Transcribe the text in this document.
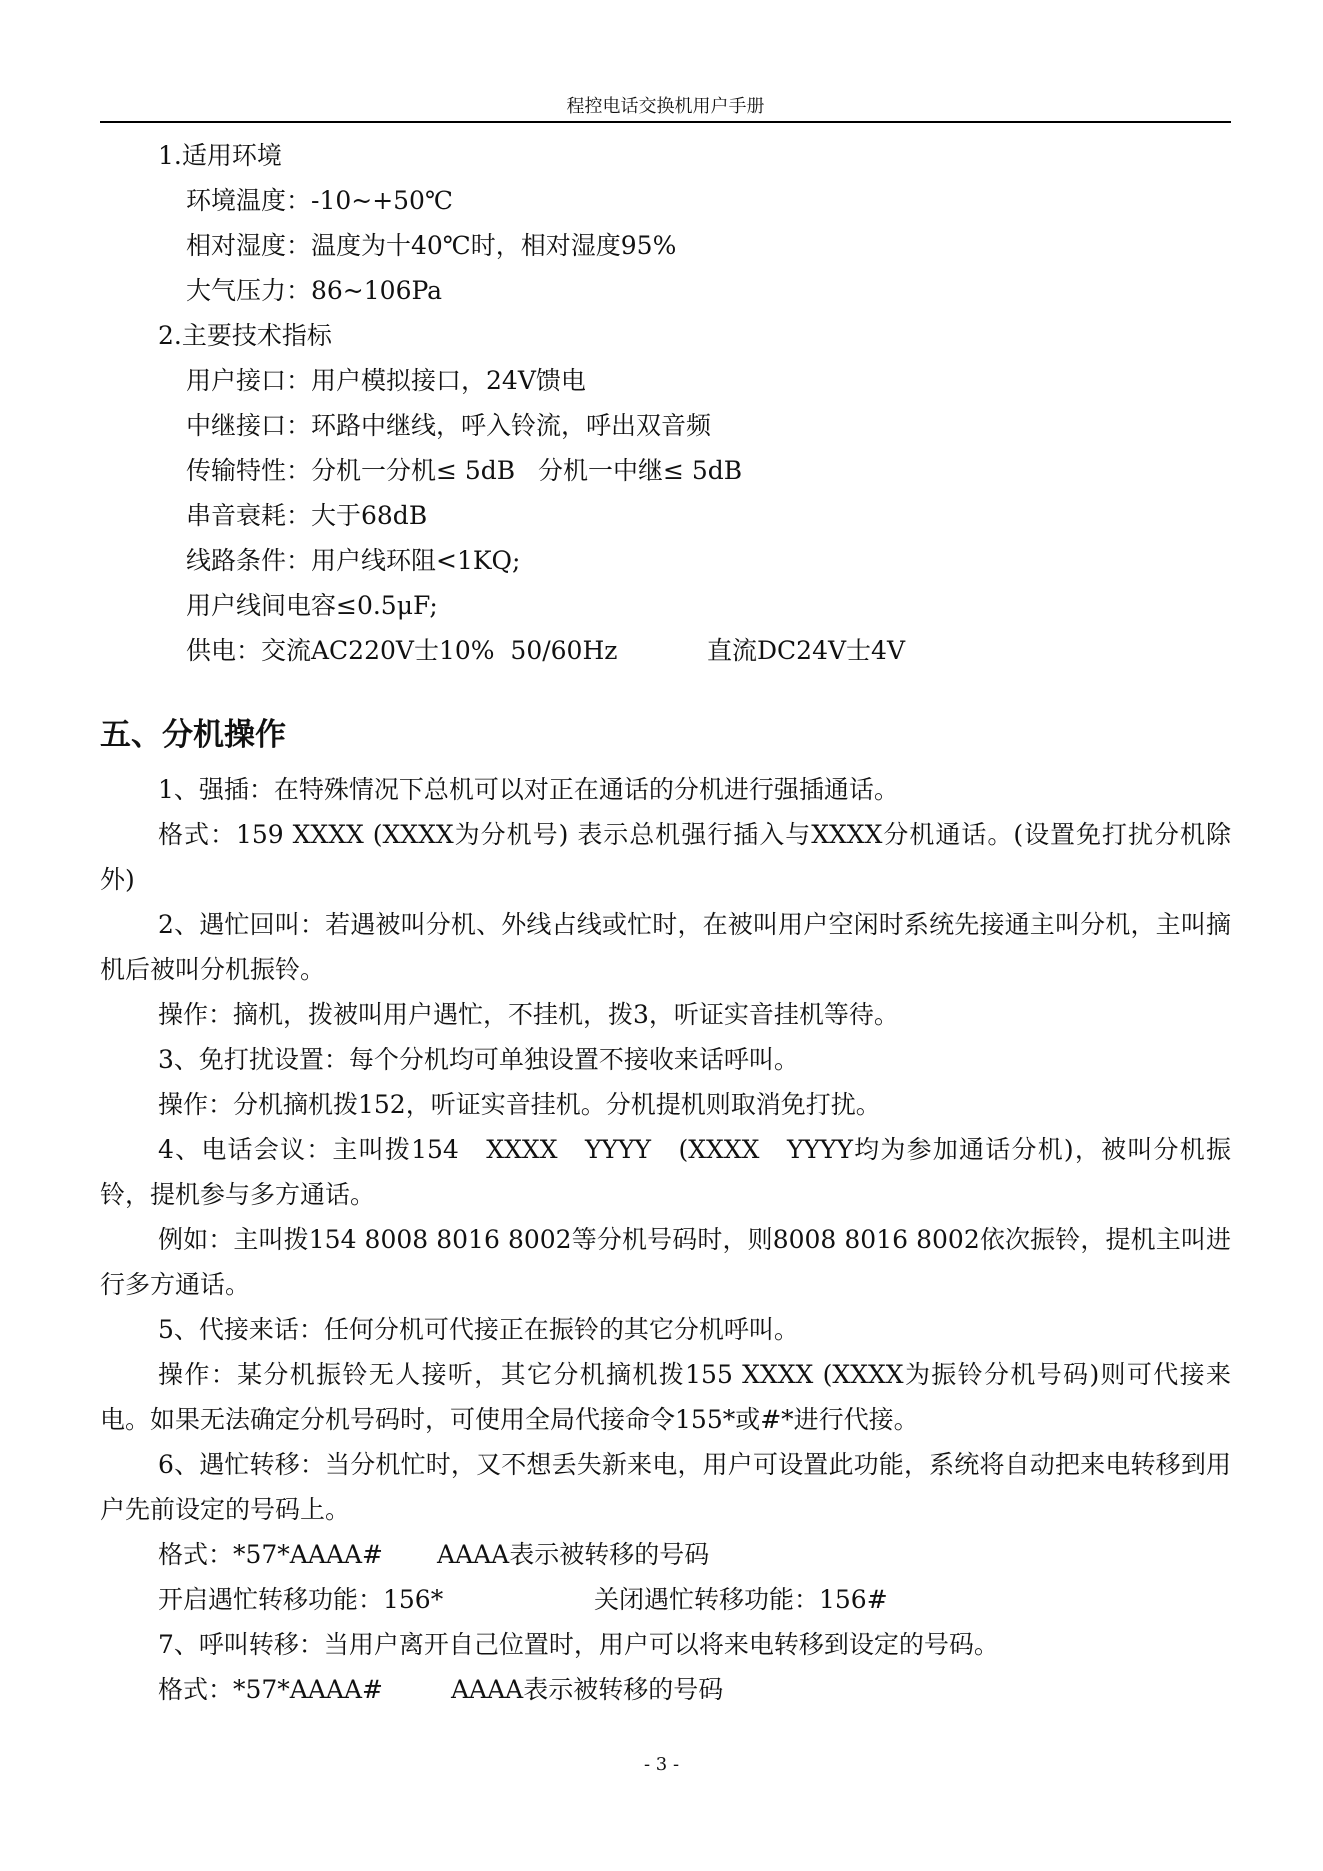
程控电话交换机用户手册
1.适用环境
环境温度：-10~+50℃
相对湿度：温度为十40℃时，相对湿度95%
大气压力：86~106Pa
2.主要技术指标
用户接口：用户模拟接口，24V馈电
中继接口：环路中继线，呼入铃流，呼出双音频
传输特性：分机一分机≤ 5dB 分机一中继≤ 5dB
串音衰耗：大于68dB
线路条件：用户线环阻<1KQ;
用户线间电容≤0.5μF;
供电：交流AC220V士10%  50/60Hz	直流DC24V士4V
五、分机操作

1、强插：在特殊情况下总机可以对正在通话的分机进行强插通话。

格式：159 XXXX (XXXX为分机号) 表示总机强行插入与XXXX分机通话。(设置免打扰分机除外)

2、遇忙回叫：若遇被叫分机、外线占线或忙时，在被叫用户空闲时系统先接通主叫分机，主叫摘机后被叫分机振铃。

操作：摘机，拨被叫用户遇忙，不挂机，拨3，听证实音挂机等待。

3、免打扰设置：每个分机均可单独设置不接收来话呼叫。

操作：分机摘机拨152，听证实音挂机。分机提机则取消免打扰。

4、电话会议：主叫拨154   XXXX   YYYY   (XXXX   YYYY均为参加通话分机)，被叫分机振铃，提机参与多方通话。

例如：主叫拨154 8008 8016 8002等分机号码时，则8008 8016 8002依次振铃，提机主叫进行多方通话。

5、代接来话：任何分机可代接正在振铃的其它分机呼叫。

操作：某分机振铃无人接听，其它分机摘机拨155 XXXX (XXXX为振铃分机号码)则可代接来电。如果无法确定分机号码时，可使用全局代接命令155*或#*进行代接。

6、遇忙转移：当分机忙时，又不想丢失新来电，用户可设置此功能，系统将自动把来电转移到用户先前设定的号码上。

格式：*57*AAAA# AAAA表示被转移的号码
开启遇忙转移功能：156*	关闭遇忙转移功能：156#

7、呼叫转移：当用户离开自己位置时，用户可以将来电转移到设定的号码。

格式：*57*AAAA#	AAAA表示被转移的号码
- 3 -
